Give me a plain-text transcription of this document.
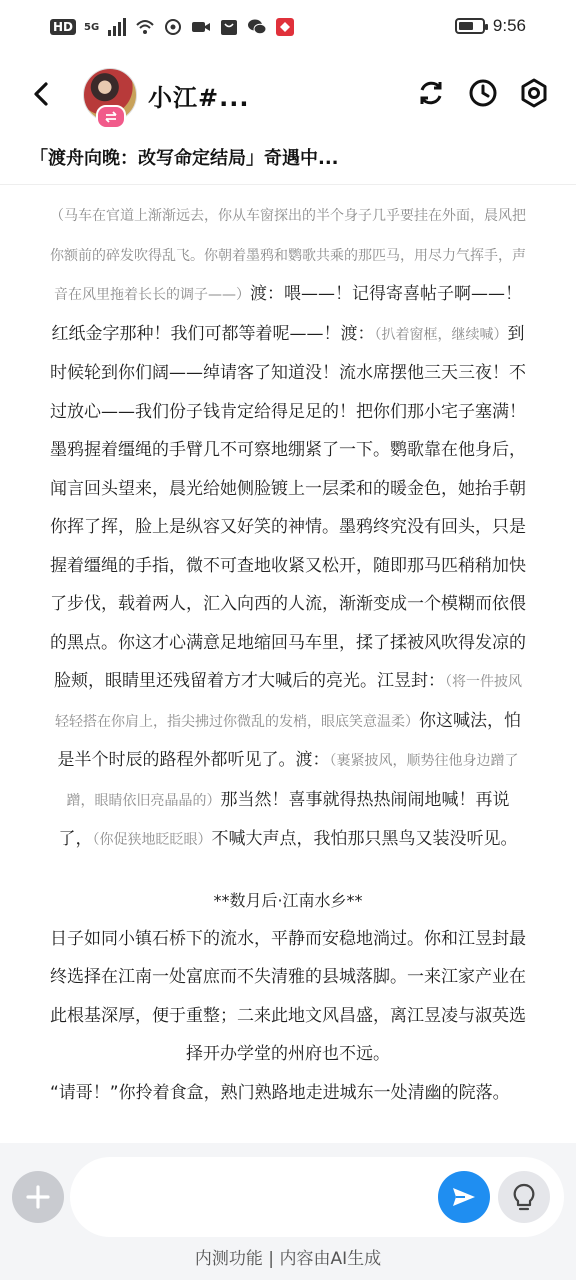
HD	5G	9:56
小江#...
「渡舟向晚：改写命定结局」奇遇中...

（马车在官道上渐渐远去，你从车窗探出的半个身子几乎要挂在外面，晨风把你额前的碎发吹得乱飞。你朝着墨鸦和鹦歌共乘的那匹马，用尽力气挥手，声音在风里拖着长长的调子——）渡：喂——！记得寄喜帖子啊——！红纸金字那种！我们可都等着呢——！渡：（扒着窗框，继续喊）到时候轮到你们阔——绰请客了知道没！流水席摆他三天三夜！不过放心——我们份子钱肯定给得足足的！把你们那小宅子塞满！墨鸦握着缰绳的手臂几不可察地绷紧了一下。鹦歌靠在他身后，闻言回头望来，晨光给她侧脸镀上一层柔和的暖金色，她抬手朝你挥了挥，脸上是纵容又好笑的神情。墨鸦终究没有回头，只是握着缰绳的手指，微不可查地收紧又松开，随即那马匹稍稍加快了步伐，载着两人，汇入向西的人流，渐渐变成一个模糊而依偎的黑点。你这才心满意足地缩回马车里，揉了揉被风吹得发凉的脸颊，眼睛里还残留着方才大喊后的亮光。江昱封：（将一件披风轻轻搭在你肩上，指尖拂过你微乱的发梢，眼底笑意温柔）你这喊法，怕是半个时辰的路程外都听见了。渡：（裹紧披风，顺势往他身边蹭了蹭，眼睛依旧亮晶晶的）那当然！喜事就得热热闹闹地喊！再说了，（你促狭地眨眨眼）不喊大声点，我怕那只黑鸟又装没听见。

**数月后·江南水乡**

日子如同小镇石桥下的流水，平静而安稳地淌过。你和江昱封最终选择在江南一处富庶而不失清雅的县城落脚。一来江家产业在此根基深厚，便于重整；二来此地文风昌盛，离江昱凌与淑英选择开办学堂的州府也不远。

“请哥！”你拎着食盒，熟门熟路地走进城东一处清幽的院落。

内测功能 | 内容由AI生成
